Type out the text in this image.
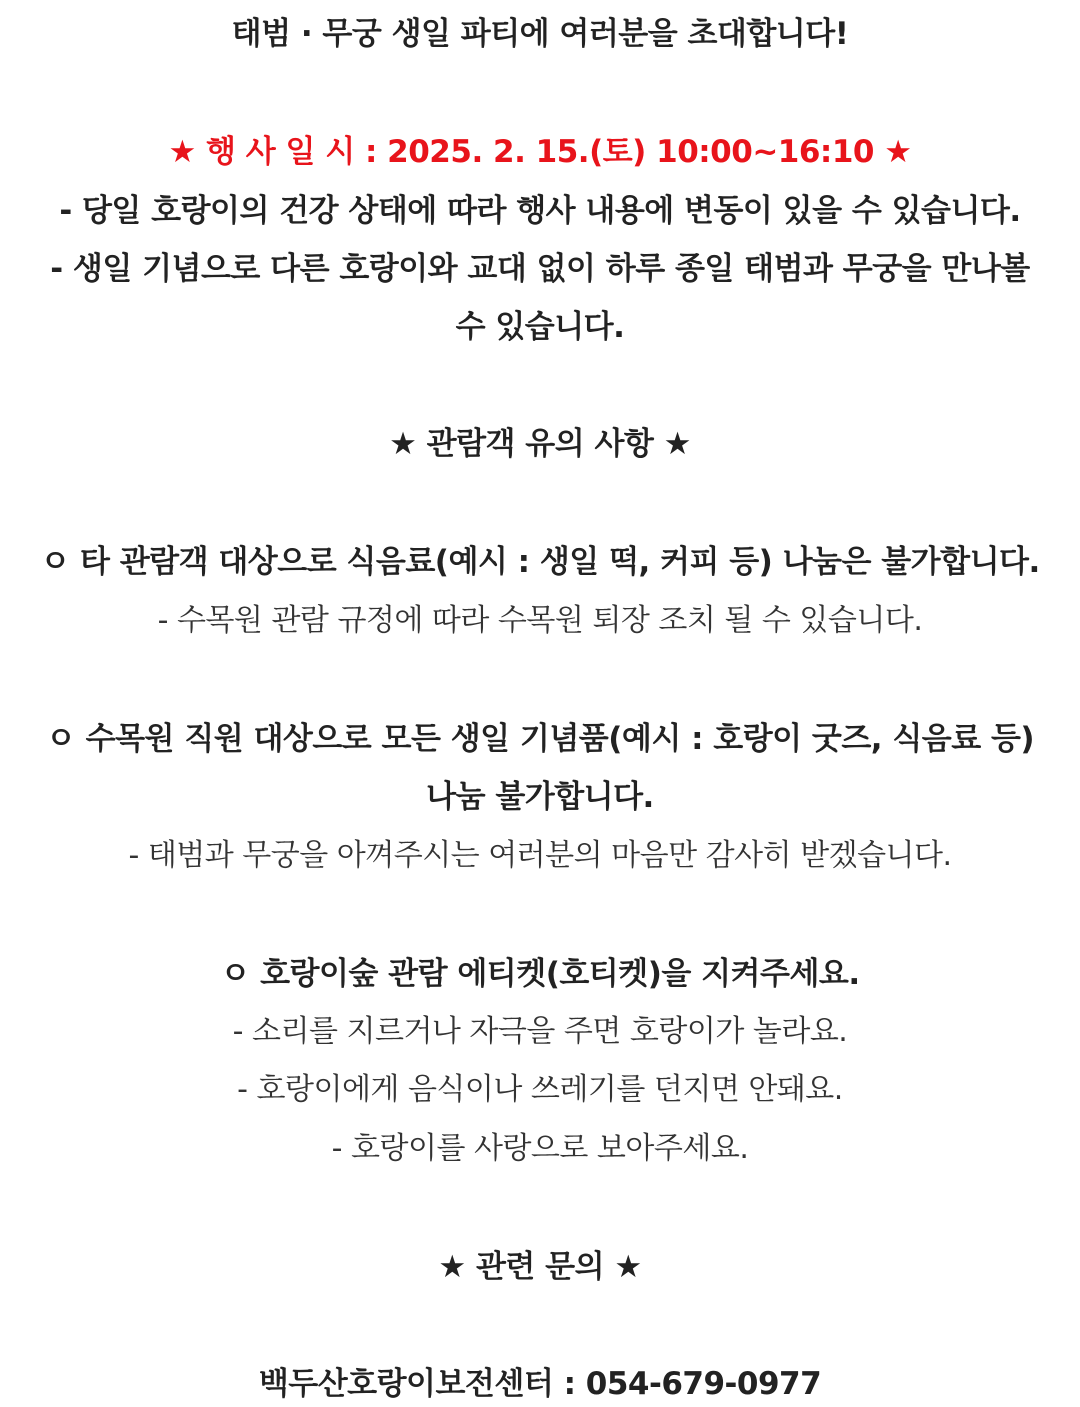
태범 · 무궁 생일 파티에 여러분을 초대합니다!
★ 행 사 일 시 : 2025. 2. 15.(토) 10:00~16:10 ★
- 당일 호랑이의 건강 상태에 따라 행사 내용에 변동이 있을 수 있습니다.
- 생일 기념으로 다른 호랑이와 교대 없이 하루 종일 태범과 무궁을 만나볼
수 있습니다.
★ 관람객 유의 사항 ★
ㅇ 타 관람객 대상으로 식음료(예시 : 생일 떡, 커피 등) 나눔은 불가합니다.
- 수목원 관람 규정에 따라 수목원 퇴장 조치 될 수 있습니다.
ㅇ 수목원 직원 대상으로 모든 생일 기념품(예시 : 호랑이 굿즈, 식음료 등)
나눔 불가합니다.
- 태범과 무궁을 아껴주시는 여러분의 마음만 감사히 받겠습니다.
ㅇ 호랑이숲 관람 에티켓(호티켓)을 지켜주세요.
- 소리를 지르거나 자극을 주면 호랑이가 놀라요.
- 호랑이에게 음식이나 쓰레기를 던지면 안돼요.
- 호랑이를 사랑으로 보아주세요.
★ 관련 문의 ★
백두산호랑이보전센터 : 054-679-0977
